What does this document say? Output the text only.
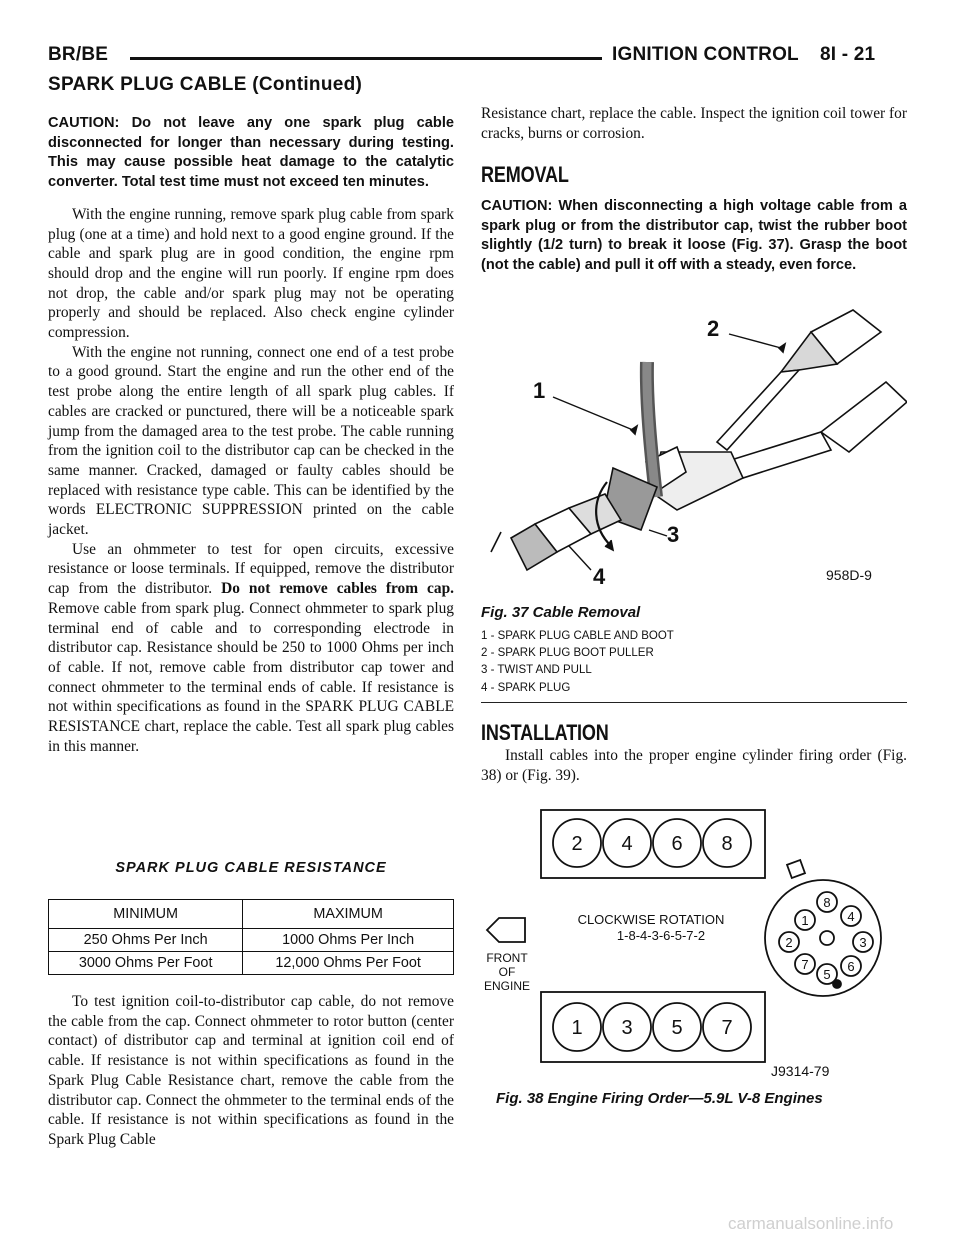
BR/BE	IGNITION CONTROL 8I - 21
SPARK PLUG CABLE (Continued)

CAUTION: Do not leave any one spark plug cable disconnected for longer than necessary during testing. This may cause possible heat damage to the catalytic converter. Total test time must not exceed ten minutes.

With the engine running, remove spark plug cable from spark plug (one at a time) and hold next to a good engine ground. If the cable and spark plug are in good condition, the engine rpm should drop and the engine will run poorly. If engine rpm does not drop, the cable and/or spark plug may not be operating properly and should be replaced. Also check engine cylinder compression.

With the engine not running, connect one end of a test probe to a good ground. Start the engine and run the other end of the test probe along the entire length of all spark plug cables. If cables are cracked or punctured, there will be a noticeable spark jump from the damaged area to the test probe. The cable running from the ignition coil to the distributor cap can be checked in the same manner. Cracked, damaged or faulty cables should be replaced with resistance type cable. This can be identified by the words ELECTRONIC SUPPRESSION printed on the cable jacket.

Use an ohmmeter to test for open circuits, excessive resistance or loose terminals. If equipped, remove the distributor cap from the distributor. Do not remove cables from cap. Remove cable from spark plug. Connect ohmmeter to spark plug terminal end of cable and to corresponding electrode in distributor cap. Resistance should be 250 to 1000 Ohms per inch of cable. If not, remove cable from distributor cap tower and connect ohmmeter to the terminal ends of cable. If resistance is not within specifications as found in the SPARK PLUG CABLE RESISTANCE chart, replace the cable. Test all spark plug cables in this manner.

SPARK PLUG CABLE RESISTANCE
MINIMUM	MAXIMUM
250 Ohms Per Inch	1000 Ohms Per Inch
3000 Ohms Per Foot	12,000 Ohms Per Foot

To test ignition coil-to-distributor cap cable, do not remove the cable from the cap. Connect ohmmeter to rotor button (center contact) of distributor cap and terminal at ignition coil end of cable. If resistance is not within specifications as found in the Spark Plug Cable Resistance chart, remove the cable from the distributor cap. Connect the ohmmeter to the terminal ends of the cable. If resistance is not within specifications as found in the Spark Plug Cable

Resistance chart, replace the cable. Inspect the ignition coil tower for cracks, burns or corrosion.

REMOVAL

CAUTION: When disconnecting a high voltage cable from a spark plug or from the distributor cap, twist the rubber boot slightly (1/2 turn) to break it loose (Fig. 37). Grasp the boot (not the cable) and pull it off with a steady, even force.

1
2
3
4	958D-9
Fig. 37 Cable Removal
1 - SPARK PLUG CABLE AND BOOT
2 - SPARK PLUG BOOT PULLER
3 - TWIST AND PULL
4 - SPARK PLUG
INSTALLATION

Install cables into the proper engine cylinder firing order (Fig. 38) or (Fig. 39).

2 4 6 8
1 3 5 7
CLOCKWISE ROTATION
1-8-4-3-6-5-7-2
FRONT
OF
ENGINE
1
8
4
2	3
7
5
6
J9314-79
Fig. 38 Engine Firing Order—5.9L V-8 Engines
carmanualsonline.info
